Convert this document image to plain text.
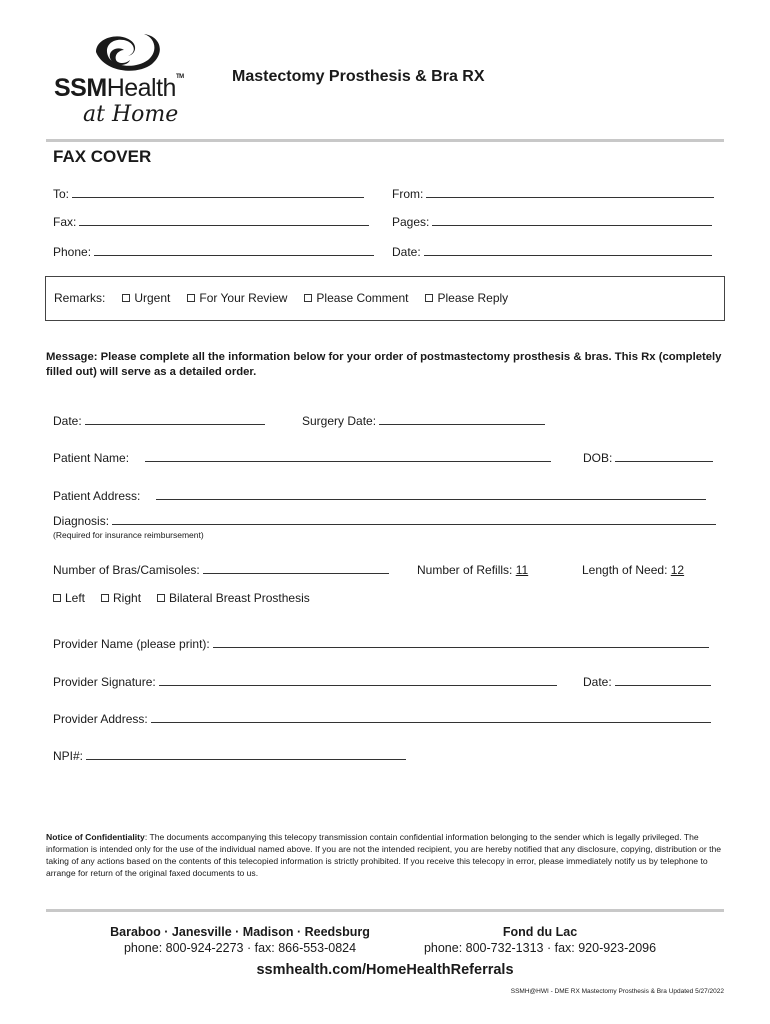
SSMHealth™
at Home
Mastectomy Prosthesis & Bra RX
FAX COVER
To:	From:
Fax:	Pages:
Phone:	Date:
Remarks: Urgent For Your Review Please Comment Please Reply
Message: Please complete all the information below for your order of postmastectomy prosthesis & bras. This Rx (completely filled out) will serve as a detailed order.
Date:	Surgery Date:
Patient Name:	DOB:
Patient Address:
Diagnosis:
(Required for insurance reimbursement)
Number of Bras/Camisoles:	Number of Refills: 11	Length of Need: 12
Left Right Bilateral Breast Prosthesis
Provider Name (please print):
Provider Signature:	Date:
Provider Address:
NPI#:
Notice of Confidentiality: The documents accompanying this telecopy transmission contain confidential information belonging to the sender which is legally privileged. The information is intended only for the use of the individual named above. If you are not the intended recipient, you are hereby notified that any disclosure, copying, distribution or the taking of any actions based on the contents of this telecopied information is strictly prohibited. If you receive this telecopy in error, please immediately notify us by telephone to arrange for return of the original faxed documents to us.
Baraboo · Janesville · Madison · Reedsburg
phone: 800-924-2273 · fax: 866-553-0824
Fond du Lac
phone: 800-732-1313 · fax: 920-923-2096
ssmhealth.com/HomeHealthReferrals
SSMH@HWI - DME RX Mastectomy Prosthesis & Bra Updated 5/27/2022
